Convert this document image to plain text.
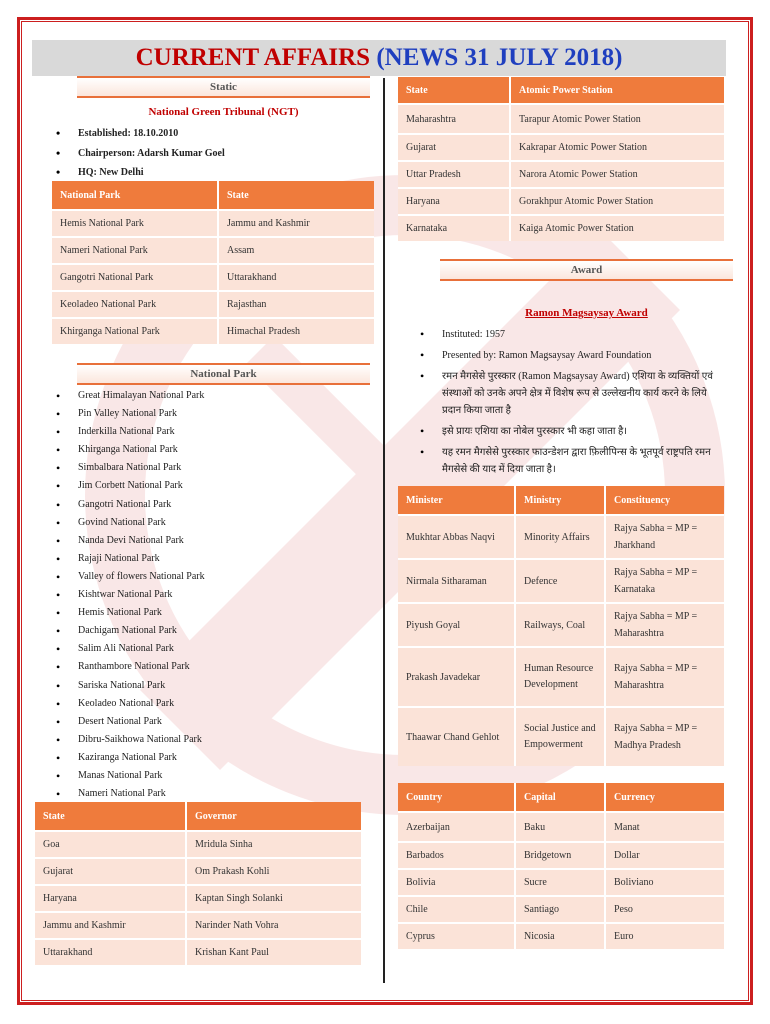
CURRENT AFFAIRS (NEWS 31 JULY 2018)
Static
National Green Tribunal (NGT)
• Established: 18.10.2010
• Chairperson: Adarsh Kumar Goel
• HQ: New Delhi
National Park	State
Hemis National Park	Jammu and Kashmir
Nameri National Park	Assam
Gangotri National Park	Uttarakhand
Keoladeo National Park	Rajasthan
Khirganga National Park	Himachal Pradesh
National Park
• Great Himalayan National Park
• Pin Valley National Park
• Inderkilla National Park
• Khirganga National Park
• Simbalbara National Park
• Jim Corbett National Park
• Gangotri National Park
• Govind National Park
• Nanda Devi National Park
• Rajaji National Park
• Valley of flowers National Park
• Kishtwar National Park
• Hemis National Park
• Dachigam National Park
• Salim Ali National Park
• Ranthambore National Park
• Sariska National Park
• Keoladeo National Park
• Desert National Park
• Dibru-Saikhowa National Park
• Kaziranga National Park
• Manas National Park
• Nameri National Park
State	Governor
Goa	Mridula Sinha
Gujarat	Om Prakash Kohli
Haryana	Kaptan Singh Solanki
Jammu and Kashmir	Narinder Nath Vohra
Uttarakhand	Krishan Kant Paul
State	Atomic Power Station
Maharashtra	Tarapur Atomic Power Station
Gujarat	Kakrapar Atomic Power Station
Uttar Pradesh	Narora Atomic Power Station
Haryana	Gorakhpur Atomic Power Station
Karnataka	Kaiga Atomic Power Station
Award
Ramon Magsaysay Award
• Instituted: 1957
• Presented by: Ramon Magsaysay Award Foundation
• रमन मैगसेसे पुरस्कार (Ramon Magsaysay Award) एशिया के व्यक्तियों एवं संस्थाओं को उनके अपने क्षेत्र में विशेष रूप से उल्लेखनीय कार्य करने के लिये प्रदान किया जाता है
• इसे प्रायः एशिया का नोबेल पुरस्कार भी कहा जाता है।
• यह रमन मैगसेसे पुरस्कार फाउन्डेशन द्वारा फ़िलीपिन्स के भूतपूर्व राष्ट्रपति रमन मैगसेसे की याद में दिया जाता है।
Minister	Ministry	Constituency
Mukhtar Abbas Naqvi	Minority Affairs	Rajya Sabha = MP = Jharkhand
Nirmala Sitharaman	Defence	Rajya Sabha = MP = Karnataka
Piyush Goyal	Railways, Coal	Rajya Sabha = MP = Maharashtra
Prakash Javadekar	Human Resource Development	Rajya Sabha = MP = Maharashtra
Thaawar Chand Gehlot	Social Justice and Empowerment	Rajya Sabha = MP = Madhya Pradesh
Country	Capital	Currency
Azerbaijan	Baku	Manat
Barbados	Bridgetown	Dollar
Bolivia	Sucre	Boliviano
Chile	Santiago	Peso
Cyprus	Nicosia	Euro
